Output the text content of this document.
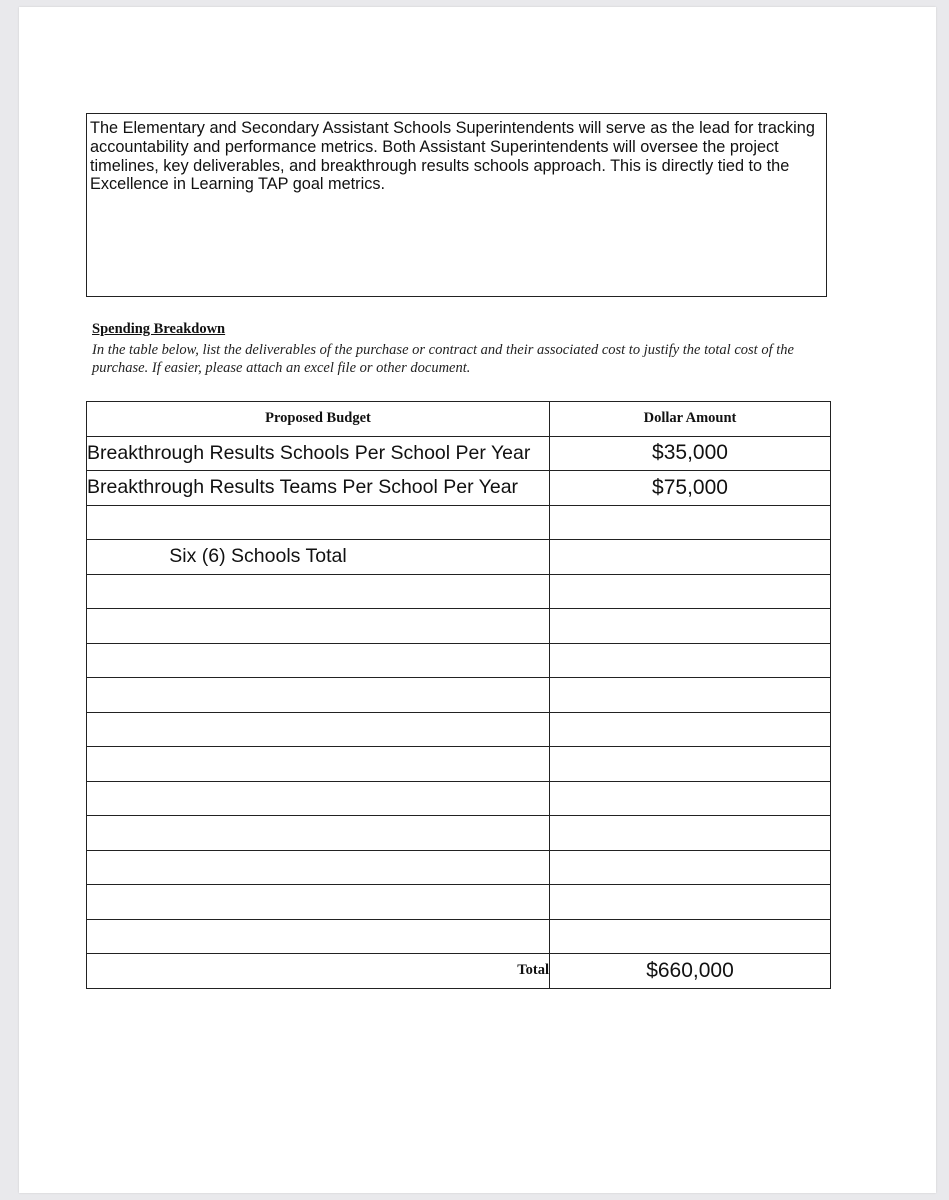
The Elementary and Secondary Assistant Schools Superintendents will serve as the lead for tracking accountability and performance metrics. Both Assistant Superintendents will oversee the project timelines, key deliverables, and breakthrough results schools approach. This is directly tied to the Excellence in Learning TAP goal metrics.
Spending Breakdown
In the table below, list the deliverables of the purchase or contract and their associated cost to justify the total cost of the purchase. If easier, please attach an excel file or other document.
Proposed Budget	Dollar Amount
Breakthrough Results Schools Per School Per Year	$35,000
Breakthrough Results Teams Per School Per Year	$75,000

Six (6) Schools Total	

Total	$660,000
